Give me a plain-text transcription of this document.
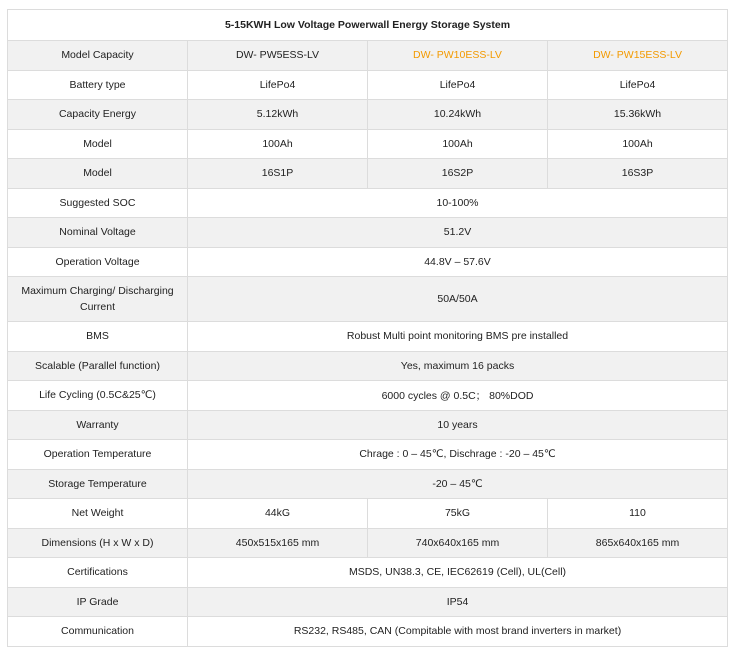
5-15KWH Low Voltage Powerwall Energy Storage System			
Model Capacity	DW- PW5ESS-LV	DW- PW10ESS-LV	DW- PW15ESS-LV
Battery type	LifePo4	LifePo4	LifePo4
Capacity Energy	5.12kWh	10.24kWh	15.36kWh
Model	100Ah	100Ah	100Ah
Model	16S1P	16S2P	16S3P
Suggested SOC	10-100%		
Nominal Voltage	51.2V		
Operation Voltage	44.8V – 57.6V		
Maximum Charging/ Discharging Current	50A/50A		
BMS	Robust Multi point monitoring BMS pre installed		
Scalable (Parallel function)	Yes, maximum 16 packs		
Life Cycling (0.5C&25℃)	6000 cycles @ 0.5C； 80%DOD		
Warranty	10 years		
Operation Temperature	Chrage : 0 – 45℃, Dischrage : -20 – 45℃		
Storage Temperature	-20 – 45℃		
Net Weight	44kG	75kG	110
Dimensions (H x W x D)	450x515x165 mm	740x640x165 mm	865x640x165 mm
Certifications	MSDS, UN38.3, CE, IEC62619 (Cell), UL(Cell)		
IP Grade	IP54		
Communication	RS232, RS485, CAN (Compitable with most brand inverters in market)		
